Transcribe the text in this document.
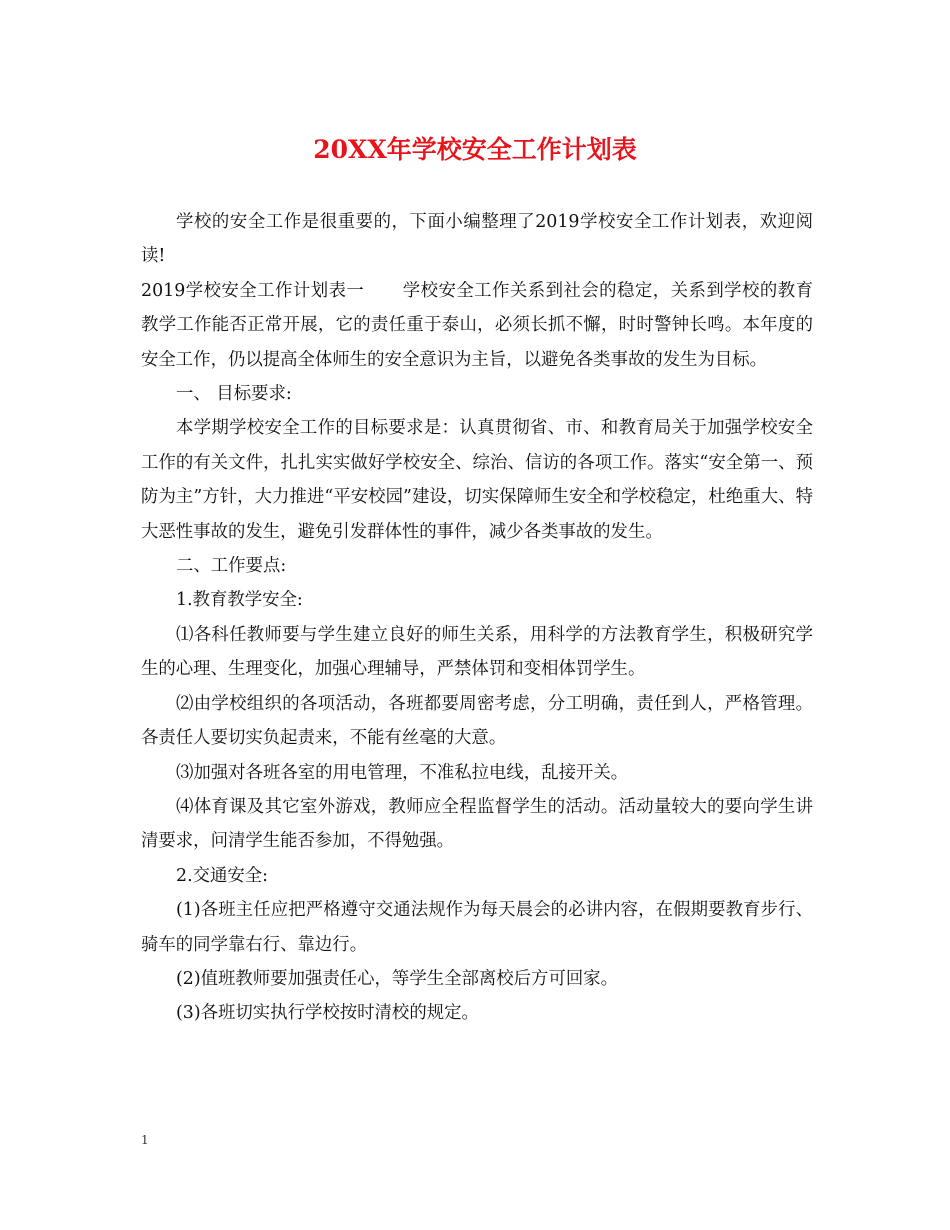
20XX年学校安全工作计划表

学校的安全工作是很重要的，下面小编整理了2019学校安全工作计划表，欢迎阅读!

2019学校安全工作计划表一 学校安全工作关系到社会的稳定，关系到学校的教育教学工作能否正常开展，它的责任重于泰山，必须长抓不懈，时时警钟长鸣。本年度的安全工作，仍以提高全体师生的安全意识为主旨，以避免各类事故的发生为目标。

一、 目标要求:

本学期学校安全工作的目标要求是：认真贯彻省、市、和教育局关于加强学校安全工作的有关文件，扎扎实实做好学校安全、综治、信访的各项工作。落实“安全第一、预防为主”方针，大力推进“平安校园”建设，切实保障师生安全和学校稳定，杜绝重大、特大恶性事故的发生，避免引发群体性的事件，减少各类事故的发生。

二、工作要点:

1.教育教学安全:

⑴各科任教师要与学生建立良好的师生关系，用科学的方法教育学生，积极研究学生的心理、生理变化，加强心理辅导，严禁体罚和变相体罚学生。

⑵由学校组织的各项活动，各班都要周密考虑，分工明确，责任到人，严格管理。各责任人要切实负起责来，不能有丝毫的大意。

⑶加强对各班各室的用电管理，不准私拉电线，乱接开关。

⑷体育课及其它室外游戏，教师应全程监督学生的活动。活动量较大的要向学生讲清要求，问清学生能否参加，不得勉强。

2.交通安全:

(1)各班主任应把严格遵守交通法规作为每天晨会的必讲内容，在假期要教育步行、骑车的同学靠右行、靠边行。

(2)值班教师要加强责任心，等学生全部离校后方可回家。

(3)各班切实执行学校按时清校的规定。

1
